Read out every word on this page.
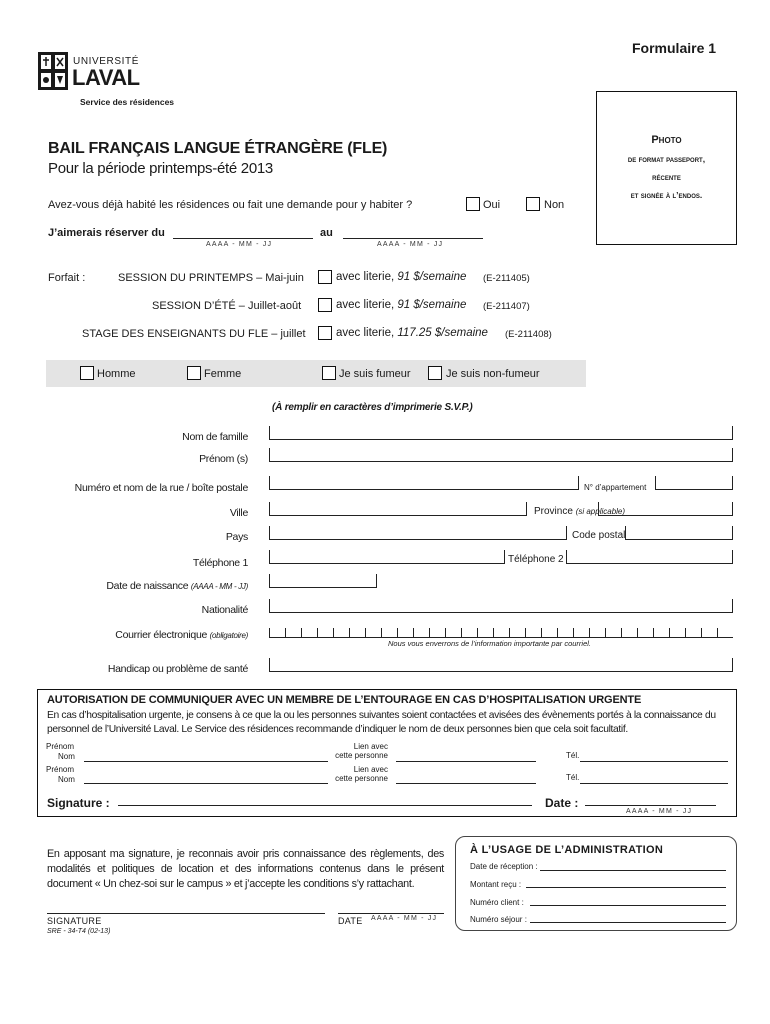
Formulaire 1
UNIVERSITÉ
LAVAL
Service des résidences
Photo
de format passeport,
récente
et signée à l’endos.
BAIL FRANÇAIS LANGUE ÉTRANGÈRE (FLE)
Pour la période printemps-été 2013
Avez-vous déjà habité les résidences ou fait une demande pour y habiter ?	Oui	Non
J’aimerais réserver du
AAAA - MM - JJ
au
AAAA - MM - JJ
Forfait :	SESSION DU PRINTEMPS – Mai-juin	avec literie, 91 $/semaine (E-211405)
SESSION D’ÉTÉ – Juillet-août	avec literie, 91 $/semaine (E-211407)
STAGE DES ENSEIGNANTS DU FLE – juillet	avec literie, 117.25 $/semaine (E-211408)
Homme	Femme	Je suis fumeur	Je suis non-fumeur
(À remplir en caractères d’imprimerie S.V.P.)
Nom de famille
Prénom (s)
Numéro et nom de la rue / boîte postale	N° d’appartement
Ville	Province (si applicable)
Pays	Code postal
Téléphone 1	Téléphone 2
Date de naissance (AAAA - MM - JJ)
Nationalité
Courrier électronique (obligatoire)
Nous vous enverrons de l’information importante par courriel.
Handicap ou problème de santé
AUTORISATION DE COMMUNIQUER AVEC UN MEMBRE DE L’ENTOURAGE EN CAS D’HOSPITALISATION URGENTE
En cas d’hospitalisation urgente, je consens à ce que la ou les personnes suivantes soient contactées et avisées des évènements portés à la connaissance du personnel de l’Université Laval. Le Service des résidences recommande d’indiquer le nom de deux personnes bien que cela soit facultatif.
Prénom
Nom
Lien avec
cette personne	Tél.
Prénom
Nom
Lien avec
cette personne	Tél.
Signature :	Date :
AAAA - MM - JJ
En apposant ma signature, je reconnais avoir pris connaissance des règlements, des modalités et politiques de location et des informations contenus dans le présent document « Un chez-soi sur le campus » et j’accepte les conditions s’y rattachant.
SIGNATURE	DATE AAAA - MM - JJ
SRE - 34-T4 (02-13)
À L’USAGE DE L’ADMINISTRATION
Date de réception :
Montant reçu :
Numéro client :
Numéro séjour :
